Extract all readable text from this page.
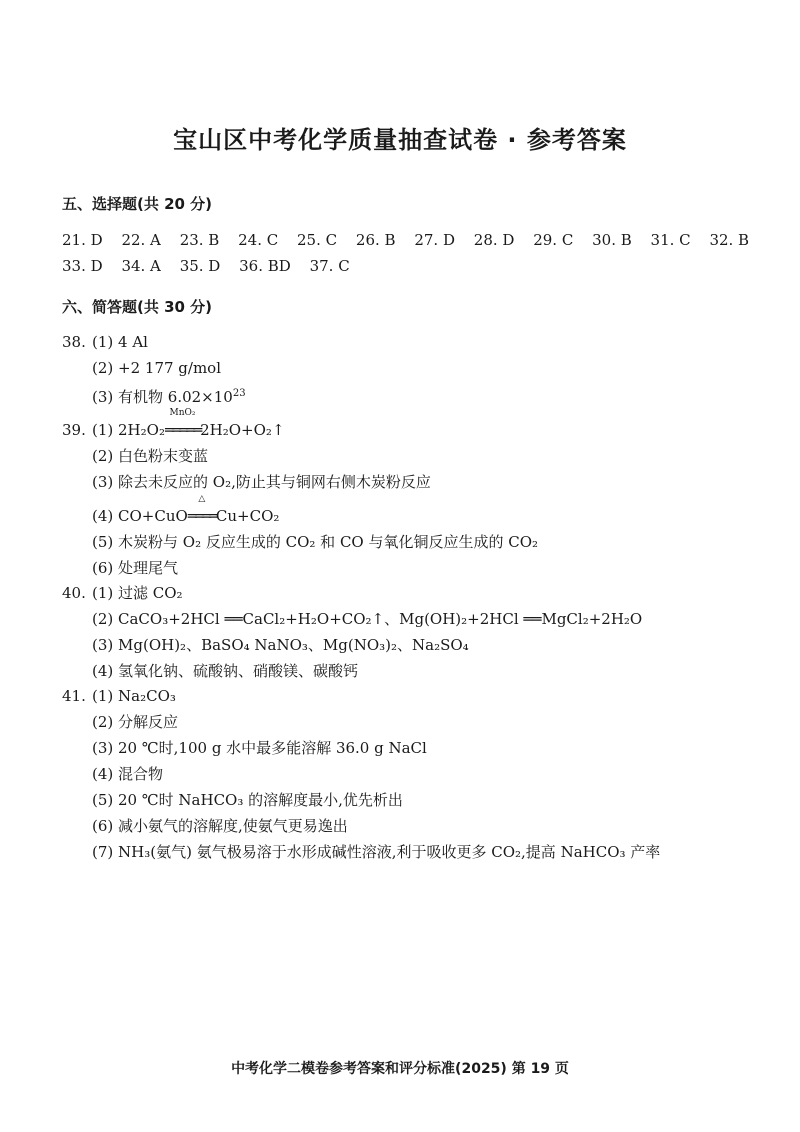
宝山区中考化学质量抽查试卷 · 参考答案
五、选择题(共 20 分)
21. D 22. A 23. B 24. C 25. C 26. B 27. D 28. D 29. C 30. B 31. C 32. B
33. D 34. A 35. D 36. BD 37. C
六、简答题(共 30 分)
38. (1) 4 Al
(2) +2 177 g/mol
(3) 有机物 $6.02\times 10^{23}$
39. (1) 2H₂O₂
MnO₂
═════2H₂O+O₂↑
(2) 白色粉末变蓝
(3) 除去未反应的 O₂,防止其与铜网右侧木炭粉反应
(4) CO+CuO
△
════Cu+CO₂
(5) 木炭粉与 O₂ 反应生成的 CO₂ 和 CO 与氧化铜反应生成的 CO₂
(6) 处理尾气
40. (1) 过滤 CO₂
(2) CaCO₃+2HCl ══CaCl₂+H₂O+CO₂↑、Mg(OH)₂+2HCl ══MgCl₂+2H₂O
(3) Mg(OH)₂、BaSO₄ NaNO₃、Mg(NO₃)₂、Na₂SO₄
(4) 氢氧化钠、硫酸钠、硝酸镁、碳酸钙
41. (1) Na₂CO₃
(2) 分解反应
(3) 20 ℃时,100 g 水中最多能溶解 36.0 g NaCl
(4) 混合物
(5) 20 ℃时 NaHCO₃ 的溶解度最小,优先析出
(6) 减小氨气的溶解度,使氨气更易逸出
(7) NH₃(氨气) 氨气极易溶于水形成碱性溶液,利于吸收更多 CO₂,提高 NaHCO₃ 产率
中考化学二模卷参考答案和评分标准(2025) 第 19 页
